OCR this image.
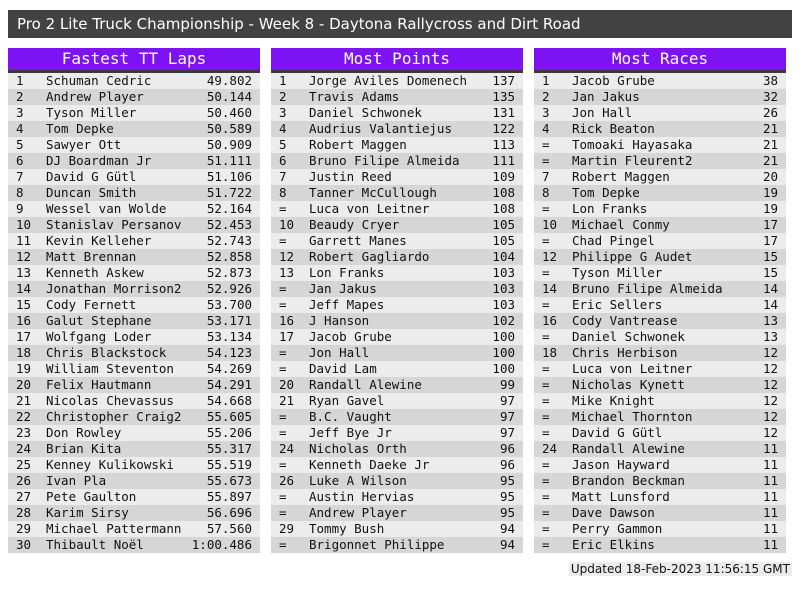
Pro 2 Lite Truck Championship - Week 8 - Daytona Rallycross and Dirt Road
Fastest TT Laps
1	Schuman Cedric	49.802
2	Andrew Player	50.144
3	Tyson Miller	50.460
4	Tom Depke	50.589
5	Sawyer Ott	50.909
6	DJ Boardman Jr	51.111
7	David G Gütl	51.106
8	Duncan Smith	51.722
9	Wessel van Wolde	52.164
10	Stanislav Persanov	52.453
11	Kevin Kelleher	52.743
12	Matt Brennan	52.858
13	Kenneth Askew	52.873
14	Jonathan Morrison2	52.926
15	Cody Fernett	53.700
16	Galut Stephane	53.171
17	Wolfgang Loder	53.134
18	Chris Blackstock	54.123
19	William Steventon	54.269
20	Felix Hautmann	54.291
21	Nicolas Chevassus	54.668
22	Christopher Craig2	55.605
23	Don Rowley	55.206
24	Brian Kita	55.317
25	Kenney Kulikowski	55.519
26	Ivan Pla	55.673
27	Pete Gaulton	55.897
28	Karim Sirsy	56.696
29	Michael Pattermann	57.560
30	Thibault Noël	1:00.486
Most Points
1	Jorge Aviles Domenech	137
2	Travis Adams	135
3	Daniel Schwonek	131
4	Audrius Valantiejus	122
5	Robert Maggen	113
6	Bruno Filipe Almeida	111
7	Justin Reed	109
8	Tanner McCullough	108
=	Luca von Leitner	108
10	Beaudy Cryer	105
=	Garrett Manes	105
12	Robert Gagliardo	104
13	Lon Franks	103
=	Jan Jakus	103
=	Jeff Mapes	103
16	J Hanson	102
17	Jacob Grube	100
=	Jon Hall	100
=	David Lam	100
20	Randall Alewine	99
21	Ryan Gavel	97
=	B.C. Vaught	97
=	Jeff Bye Jr	97
24	Nicholas Orth	96
=	Kenneth Daeke Jr	96
26	Luke A Wilson	95
=	Austin Hervias	95
=	Andrew Player	95
29	Tommy Bush	94
=	Brigonnet Philippe	94
Most Races
1	Jacob Grube	38
2	Jan Jakus	32
3	Jon Hall	26
4	Rick Beaton	21
=	Tomoaki Hayasaka	21
=	Martin Fleurent2	21
7	Robert Maggen	20
8	Tom Depke	19
=	Lon Franks	19
10	Michael Conmy	17
=	Chad Pingel	17
12	Philippe G Audet	15
=	Tyson Miller	15
14	Bruno Filipe Almeida	14
=	Eric Sellers	14
16	Cody Vantrease	13
=	Daniel Schwonek	13
18	Chris Herbison	12
=	Luca von Leitner	12
=	Nicholas Kynett	12
=	Mike Knight	12
=	Michael Thornton	12
=	David G Gütl	12
24	Randall Alewine	11
=	Jason Hayward	11
=	Brandon Beckman	11
=	Matt Lunsford	11
=	Dave Dawson	11
=	Perry Gammon	11
=	Eric Elkins	11
Updated 18-Feb-2023 11:56:15 GMT
